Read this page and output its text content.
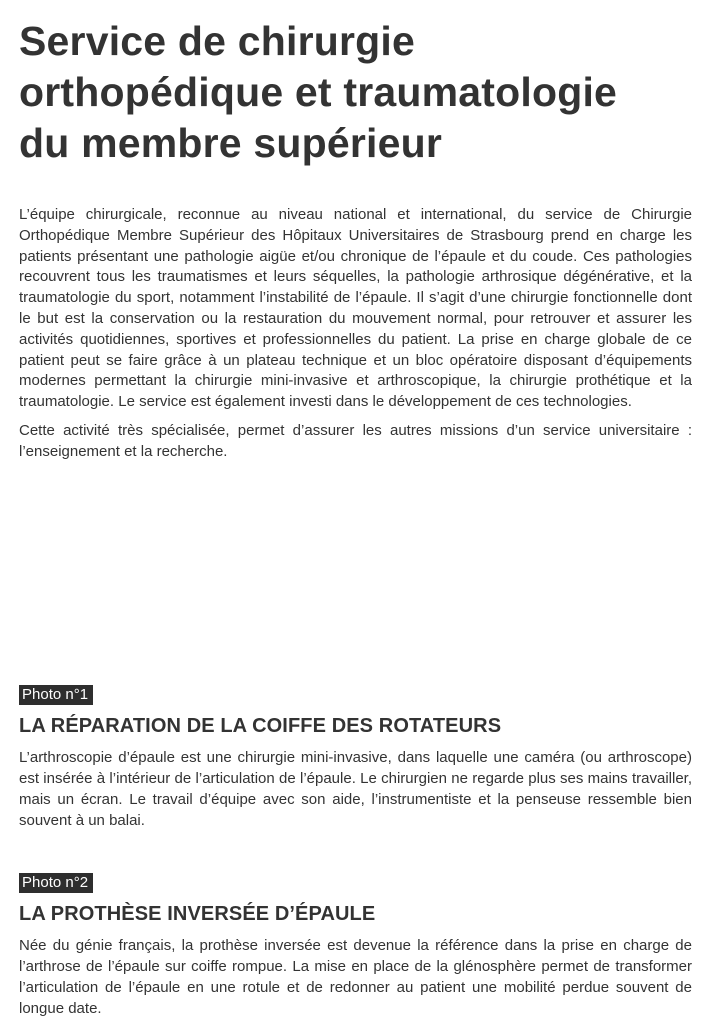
Service de chirurgie
orthopédique et traumatologie
du membre supérieur

L’équipe chirurgicale, reconnue au niveau national et international, du service de Chirurgie Orthopédique Membre Supérieur des Hôpitaux Universitaires de Strasbourg prend en charge les patients présentant une pathologie aigüe et/ou chronique de l’épaule et du coude. Ces pathologies recouvrent tous les traumatismes et leurs séquelles, la pathologie arthrosique dégénérative, et la traumatologie du sport, notamment l’instabilité de l’épaule. Il s’agit d’une chirurgie fonctionnelle dont le but est la conservation ou la restauration du mouvement normal, pour retrouver et assurer les activités quotidiennes, sportives et professionnelles du patient. La prise en charge globale de ce patient peut se faire grâce à un plateau technique et un bloc opératoire disposant d’équipements modernes permettant la chirurgie mini-invasive et arthroscopique, la chirurgie prothétique et la traumatologie. Le service est également investi dans le développement de ces technologies.

Cette activité très spécialisée, permet d’assurer les autres missions d’un service universitaire : l’enseignement et la recherche.

Photo n°1
LA RÉPARATION DE LA COIFFE DES ROTATEURS

L’arthroscopie d’épaule est une chirurgie mini-invasive, dans laquelle une caméra (ou arthroscope) est insérée à l’intérieur de l’articulation de l’épaule. Le chirurgien ne regarde plus ses mains travailler, mais un écran. Le travail d’équipe avec son aide, l’instrumentiste et la penseuse ressemble bien souvent à un balai.

Photo n°2
LA PROTHÈSE INVERSÉE D’ÉPAULE

Née du génie français, la prothèse inversée est devenue la référence dans la prise en charge de l’arthrose de l’épaule sur coiffe rompue. La mise en place de la glénosphère permet de transformer l’articulation de l’épaule en une rotule et de redonner au patient une mobilité perdue souvent de longue date.
